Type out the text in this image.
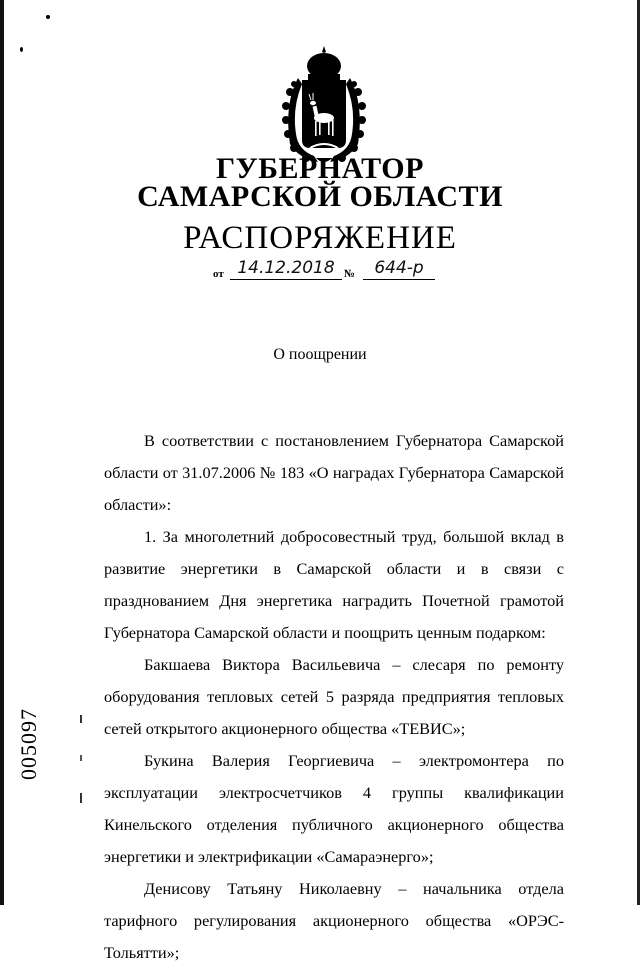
ГУБЕРНАТОР
САМАРСКОЙ ОБЛАСТИ
РАСПОРЯЖЕНИЕ
от 14.12.2018 №	644-р
О поощрении

В соответствии с постановлением Губернатора Самарской области от 31.07.2006 № 183 «О наградах Губернатора Самарской области»:

1. За многолетний добросовестный труд, большой вклад в развитие энергетики в Самарской области и в связи с празднованием Дня энергетика наградить Почетной грамотой Губернатора Самарской области и поощрить ценным подарком:

Бакшаева Виктора Васильевича – слесаря по ремонту оборудования тепловых сетей 5 разряда предприятия тепловых сетей открытого акционерного общества «ТЕВИС»;

Букина Валерия Георгиевича – электромонтера по эксплуатации электросчетчиков 4 группы квалификации Кинельского отделения публичного акционерного общества энергетики и электрификации «Самараэнерго»;

Денисову Татьяну Николаевну – начальника отдела тарифного регулирования акционерного общества «ОРЭС-Тольятти»;

005097
